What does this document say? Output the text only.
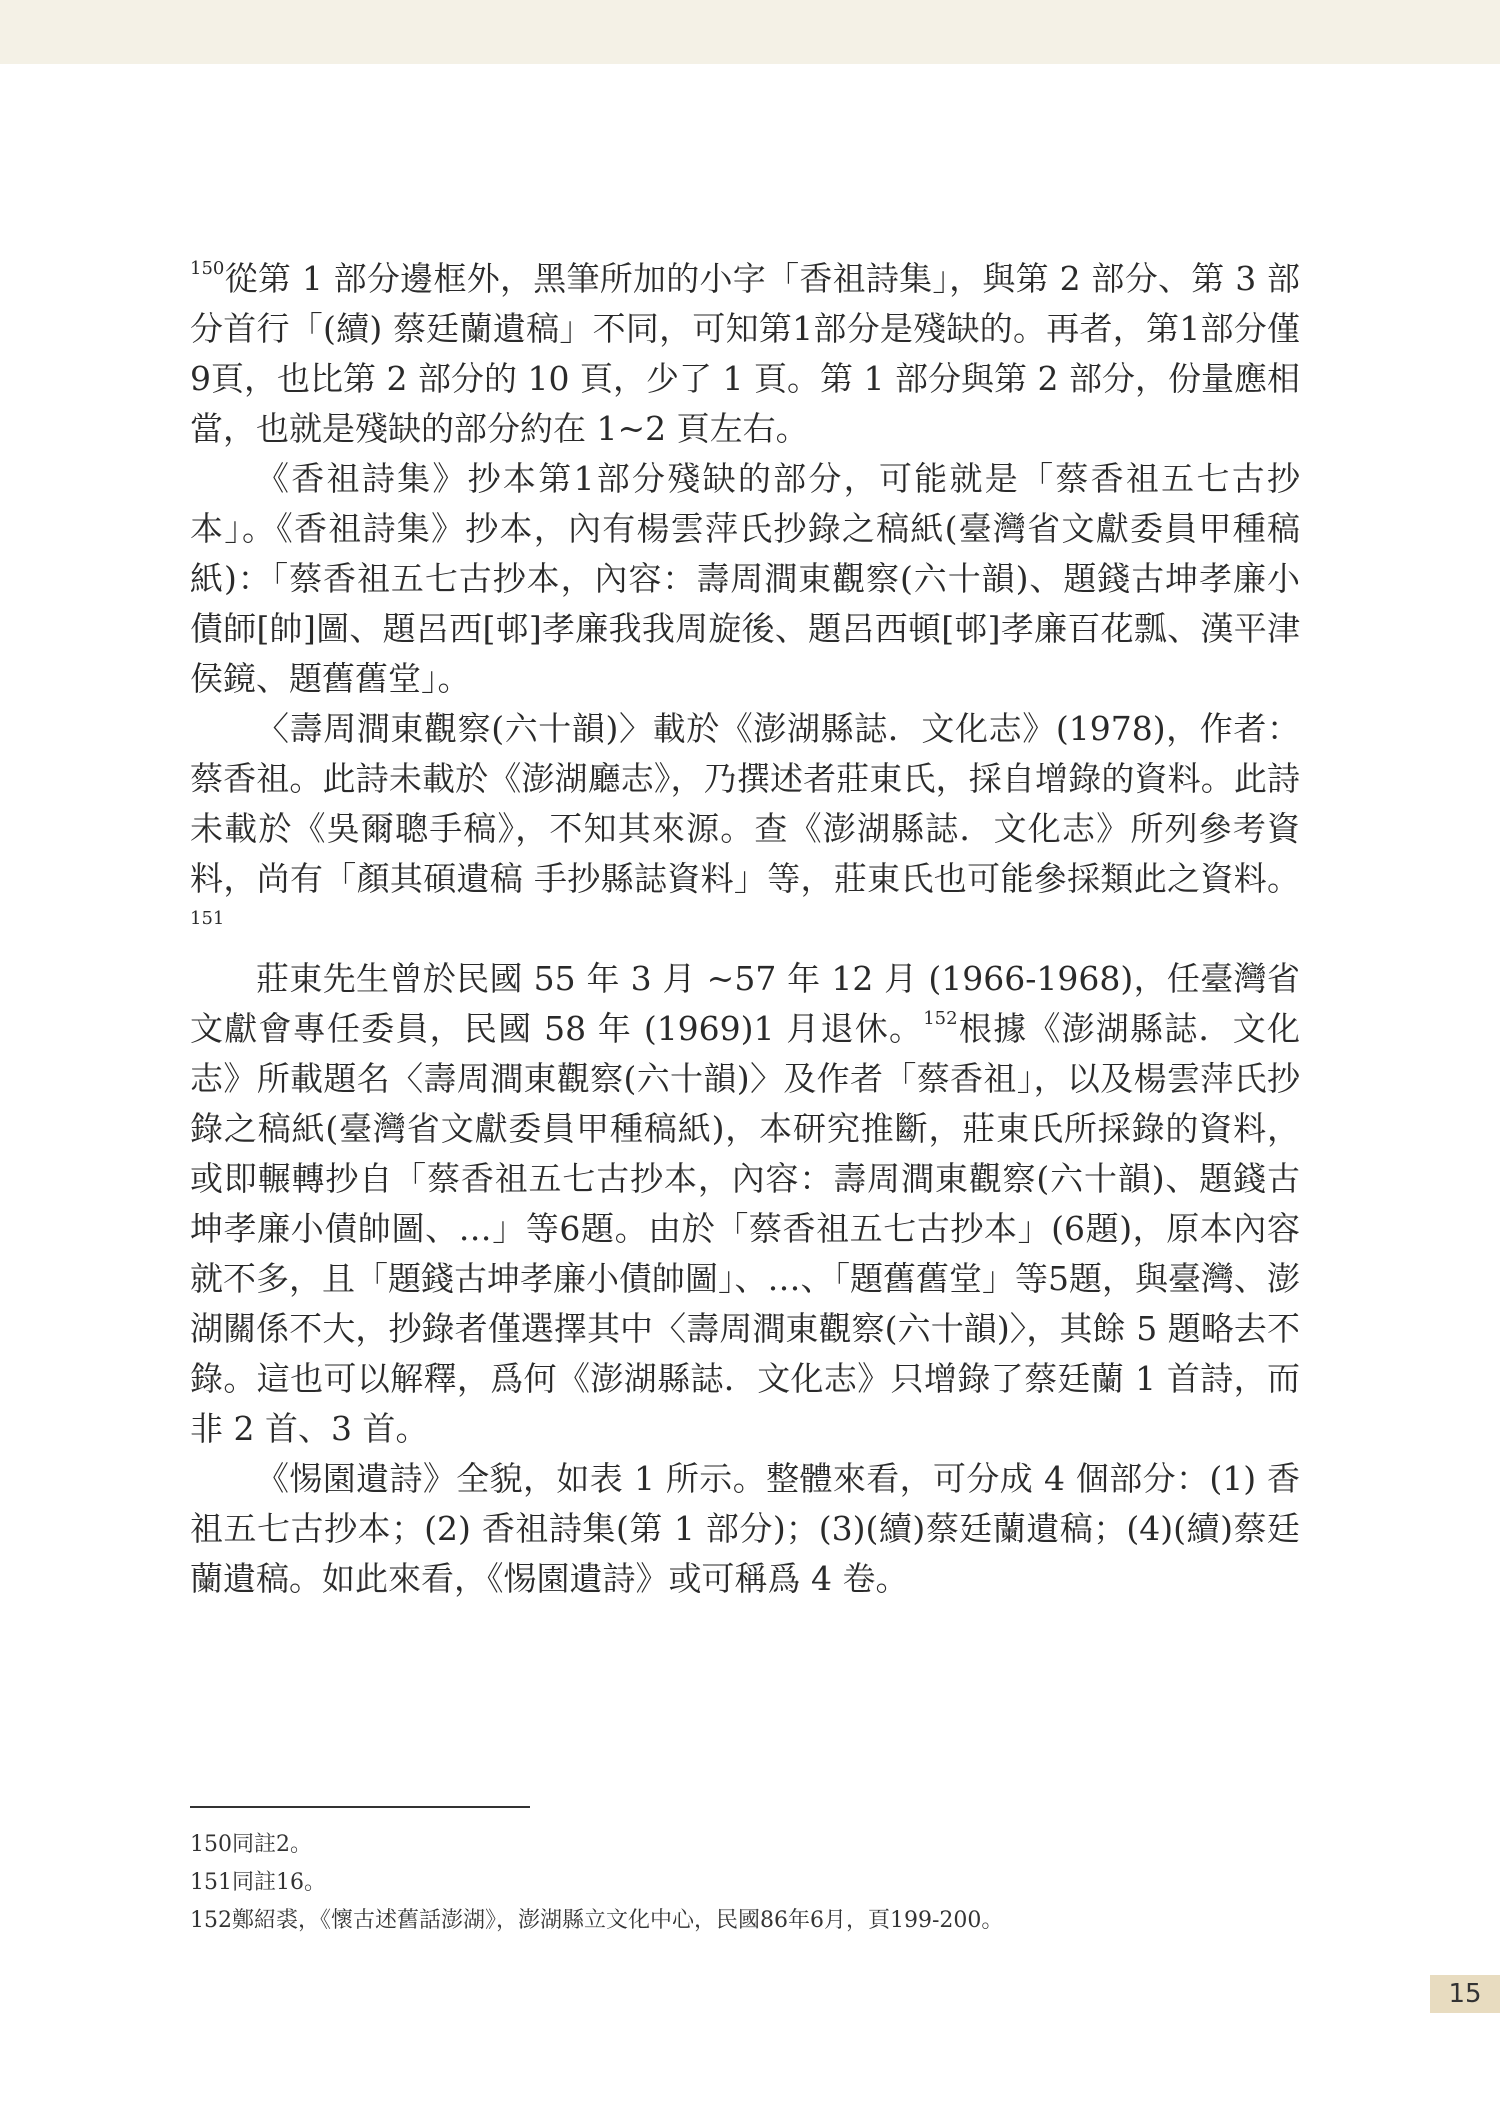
$^{150}$從第 1 部分邊框外，黑筆所加的小字「香祖詩集」，與第 2 部分、第 3 部分首行「(續) 蔡廷蘭遺稿」不同，可知第1部分是殘缺的。再者，第1部分僅9頁，也比第 2 部分的 10 頁，少了 1 頁。第 1 部分與第 2 部分，份量應相當，也就是殘缺的部分約在 1~2 頁左右。

《香祖詩集》抄本第1部分殘缺的部分，可能就是「蔡香祖五七古抄本」。《香祖詩集》抄本，內有楊雲萍氏抄錄之稿紙(臺灣省文獻委員甲種稿紙)：「蔡香祖五七古抄本，內容：壽周澗東觀察(六十韻)、題錢古坤孝廉小債師[帥]圖、題呂西[邨]孝廉我我周旋後、題呂西頓[邨]孝廉百花瓢、漢平津侯鏡、題舊舊堂」。

〈壽周澗東觀察(六十韻)〉載於《澎湖縣誌．文化志》(1978)，作者：蔡香祖。此詩未載於《澎湖廳志》，乃撰述者莊東氏，採自增錄的資料。此詩未載於《吳爾聰手稿》，不知其來源。查《澎湖縣誌．文化志》所列參考資料，尚有「顏其碩遺稿 手抄縣誌資料」等，莊東氏也可能參採類此之資料。$^{151}$

莊東先生曾於民國 55 年 3 月 ~57 年 12 月 (1966-1968)，任臺灣省文獻會專任委員，民國 58 年 (1969)1 月退休。$^{152}$根據《澎湖縣誌．文化志》所載題名〈壽周澗東觀察(六十韻)〉及作者「蔡香祖」，以及楊雲萍氏抄錄之稿紙(臺灣省文獻委員甲種稿紙)，本研究推斷，莊東氏所採錄的資料，或即輾轉抄自「蔡香祖五七古抄本，內容：壽周澗東觀察(六十韻)、題錢古坤孝廉小債帥圖、…」等6題。由於「蔡香祖五七古抄本」(6題)，原本內容就不多，且「題錢古坤孝廉小債帥圖」、…、「題舊舊堂」等5題，與臺灣、澎湖關係不大，抄錄者僅選擇其中〈壽周澗東觀察(六十韻)〉，其餘 5 題略去不錄。這也可以解釋，爲何《澎湖縣誌．文化志》只增錄了蔡廷蘭 1 首詩，而非 2 首、3 首。

《惕園遺詩》全貌，如表 1 所示。整體來看，可分成 4 個部分：(1) 香祖五七古抄本；(2) 香祖詩集(第 1 部分)；(3)(續)蔡廷蘭遺稿；(4)(續)蔡廷蘭遺稿。如此來看，《惕園遺詩》或可稱爲 4 卷。

150同註2。

151同註16。

152鄭紹裘，《懷古述舊話澎湖》，澎湖縣立文化中心，民國86年6月，頁199-200。

15
